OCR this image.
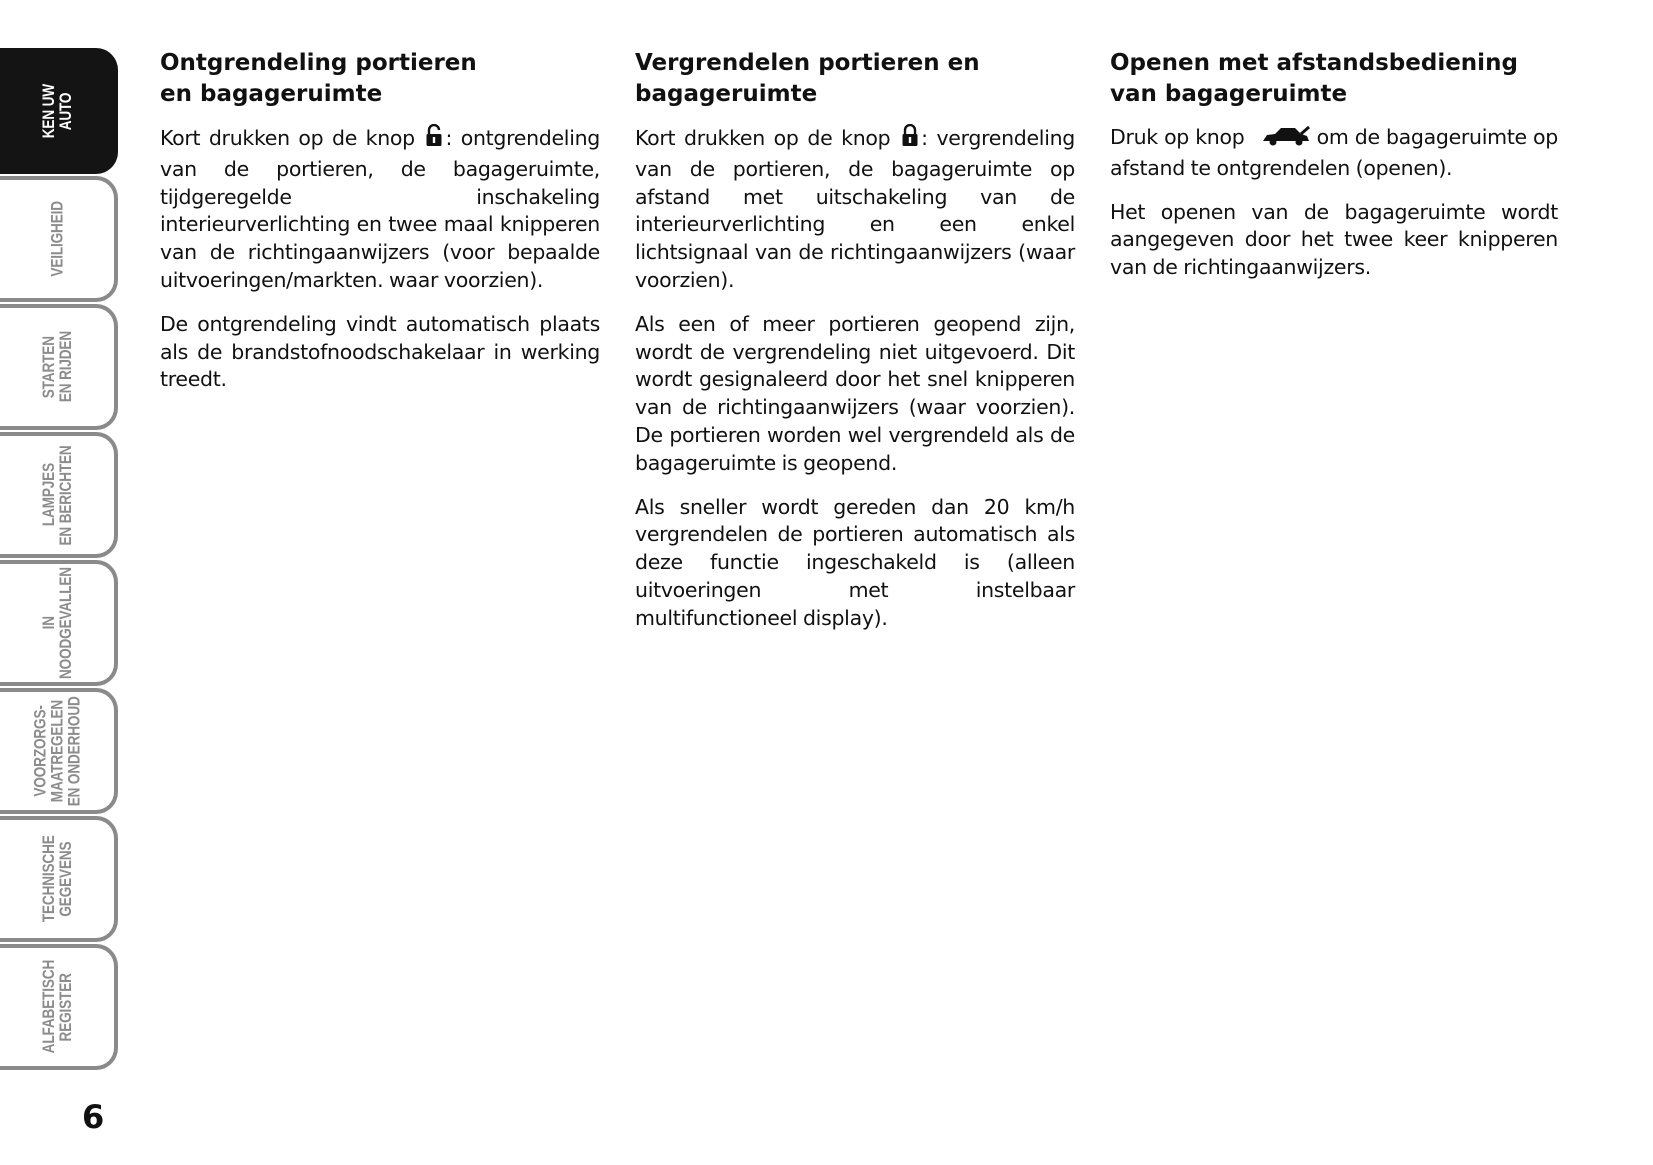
KEN UW
AUTO
VEILIGHEID
STARTEN
EN RIJDEN
LAMPJES
EN BERICHTEN
IN
NOODGEVALLEN
VOORZORGS-
MAATREGELEN
EN ONDERHOUD
TECHNISCHE
GEGEVENS
ALFABETISCH
REGISTER
6
Ontgrendeling portieren
en bagageruimte

Kort drukken op de knop : ontgrendeling van de portieren, de bagageruimte, tijdgeregelde inschakeling interieurverlichting en twee maal knipperen van de richtingaanwijzers (voor bepaalde uitvoeringen/markten. waar voorzien).

De ontgrendeling vindt automatisch plaats als de brandstofnoodschakelaar in werking treedt.

Vergrendelen portieren en
bagageruimte

Kort drukken op de knop : vergrendeling van de portieren, de bagageruimte op afstand met uitschakeling van de interieurverlichting en een enkel lichtsignaal van de richtingaanwijzers (waar voorzien).

Als een of meer portieren geopend zijn, wordt de vergrendeling niet uitgevoerd. Dit wordt gesignaleerd door het snel knipperen van de richtingaanwijzers (waar voorzien). De portieren worden wel vergrendeld als de bagageruimte is geopend.

Als sneller wordt gereden dan 20 km/h vergrendelen de portieren automatisch als deze functie ingeschakeld is (alleen uitvoeringen met instelbaar multifunctioneel display).

Openen met afstandsbediening
van bagageruimte

Druk op knop	om de bagageruimte op afstand te ontgrendelen (openen).

Het openen van de bagageruimte wordt aangegeven door het twee keer knipperen van de richtingaanwijzers.
